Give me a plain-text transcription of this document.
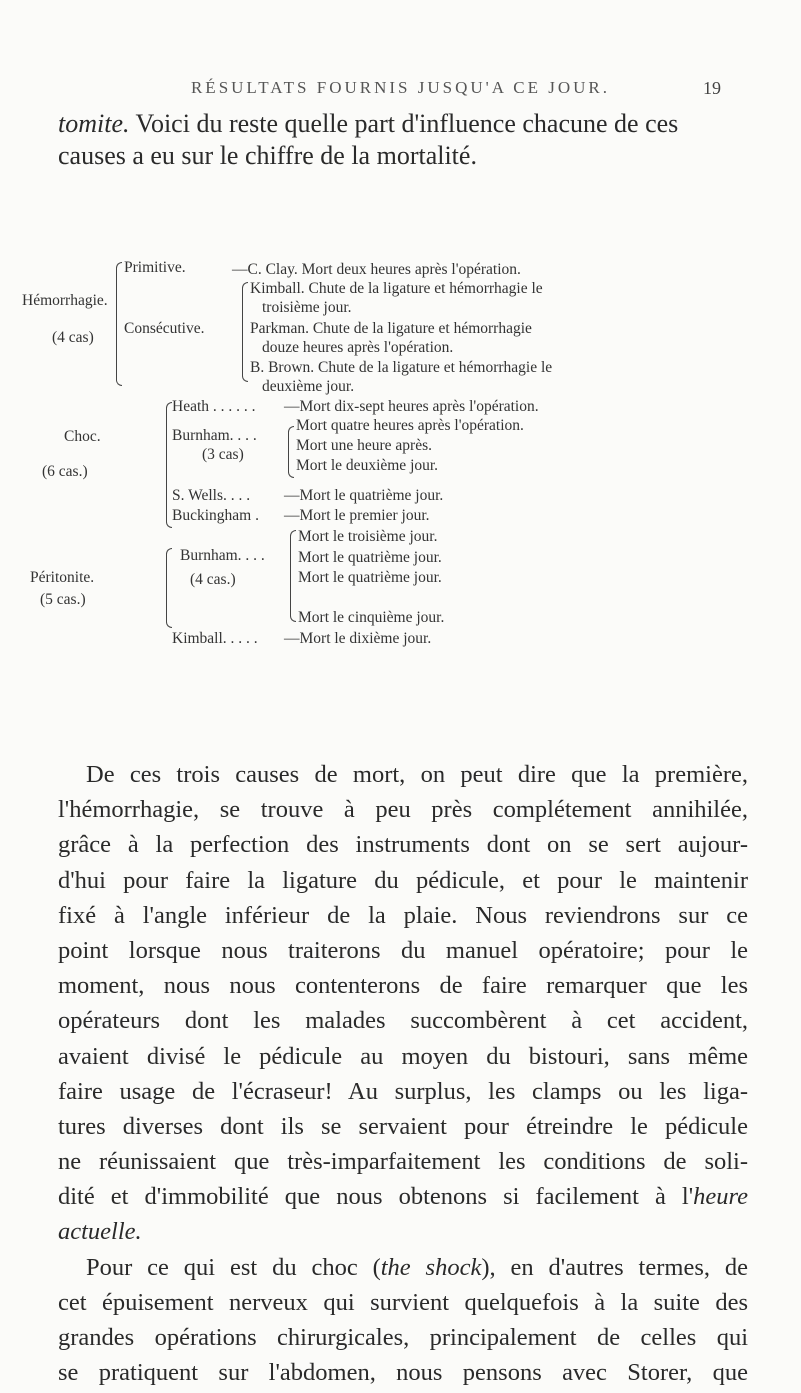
RÉSULTATS FOURNIS JUSQU'A CE JOUR.	19

tomite. Voici du reste quelle part d'influence chacune de ces
causes a eu sur le chiffre de la mortalité.

Hémorrhagie.
(4 cas)
Primitive.
Consécutive.
—C. Clay. Mort deux heures après l'opération.
Kimball. Chute de la ligature et hémorrhagie le
troisième jour.
Parkman. Chute de la ligature et hémorrhagie
douze heures après l'opération.
B. Brown. Chute de la ligature et hémorrhagie le
deuxième jour.
Choc.
(6 cas.)
Heath . . . . . .
Burnham. . . .
(3 cas)
S. Wells. . . .
Buckingham .
—Mort dix-sept heures après l'opération.
Mort quatre heures après l'opération.
Mort une heure après.
Mort le deuxième jour.
—Mort le quatrième jour.
—Mort le premier jour.
Péritonite.
(5 cas.)
Burnham. . . .
(4 cas.)
Kimball. . . . .
Mort le troisième jour.
Mort le quatrième jour.
Mort le quatrième jour.
Mort le cinquième jour.
—Mort le dixième jour.
De ces trois causes de mort, on peut dire que la première,
l'hémorrhagie, se trouve à peu près complétement annihilée,
grâce à la perfection des instruments dont on se sert aujour-
d'hui pour faire la ligature du pédicule, et pour le maintenir
fixé à l'angle inférieur de la plaie. Nous reviendrons sur ce
point lorsque nous traiterons du manuel opératoire; pour le
moment, nous nous contenterons de faire remarquer que les
opérateurs dont les malades succombèrent à cet accident,
avaient divisé le pédicule au moyen du bistouri, sans même
faire usage de l'écraseur! Au surplus, les clamps ou les liga-
tures diverses dont ils se servaient pour étreindre le pédicule
ne réunissaient que très-imparfaitement les conditions de soli-
dité et d'immobilité que nous obtenons si facilement à l'heure
actuelle.
Pour ce qui est du choc (the shock), en d'autres termes, de
cet épuisement nerveux qui survient quelquefois à la suite des
grandes opérations chirurgicales, principalement de celles qui
se pratiquent sur l'abdomen, nous pensons avec Storer, que
